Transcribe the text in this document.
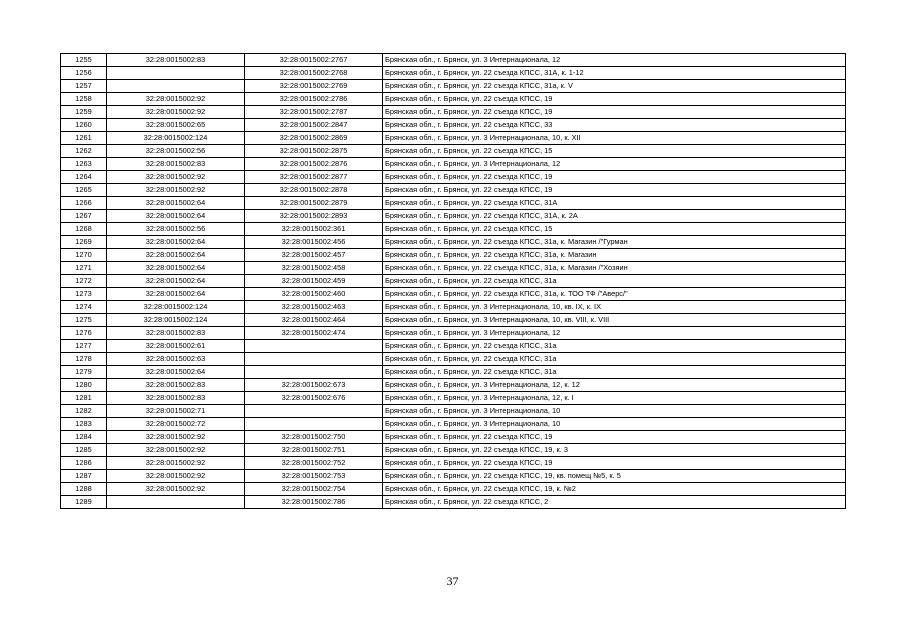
1255	32:28:0015002:83	32:28:0015002:2767	Брянская обл., г. Брянск, ул. 3 Интернационала, 12
1256		32:28:0015002:2768	Брянская обл., г. Брянск, ул. 22 съезда КПСС, 31А, к. 1-12
1257		32:28:0015002:2769	Брянская обл., г. Брянск, ул. 22 съезда КПСС, 31а, к. V
1258	32:28:0015002:92	32:28:0015002:2786	Брянская обл., г. Брянск, ул. 22 съезда КПСС, 19
1259	32:28:0015002:92	32:28:0015002:2787	Брянская обл., г. Брянск, ул. 22 съезда КПСС, 19
1260	32:28:0015002:65	32:28:0015002:2847	Брянская обл., г. Брянск, ул. 22 съезда КПСС, 33
1261	32:28:0015002:124	32:28:0015002:2869	Брянская обл., г. Брянск, ул. 3 Интернационала, 10, к. XII
1262	32:28:0015002:56	32:28:0015002:2875	Брянская обл., г. Брянск, ул. 22 съезда КПСС, 15
1263	32:28:0015002:83	32:28:0015002:2876	Брянская обл., г. Брянск, ул. 3 Интернационала, 12
1264	32:28:0015002:92	32:28:0015002:2877	Брянская обл., г. Брянск, ул. 22 съезда КПСС, 19
1265	32:28:0015002:92	32:28:0015002:2878	Брянская обл., г. Брянск, ул. 22 съезда КПСС, 19
1266	32:28:0015002:64	32:28:0015002:2879	Брянская обл., г. Брянск, ул. 22 съезда КПСС, 31А
1267	32:28:0015002:64	32:28:0015002:2893	Брянская обл., г. Брянск, ул. 22 съезда КПСС, 31А, к. 2А
1268	32:28:0015002:56	32:28:0015002:361	Брянская обл., г. Брянск, ул. 22 съезда КПСС, 15
1269	32:28:0015002:64	32:28:0015002:456	Брянская обл., г. Брянск, ул. 22 съезда КПСС, 31а, к. Магазин /"Гурман
1270	32:28:0015002:64	32:28:0015002:457	Брянская обл., г. Брянск, ул. 22 съезда КПСС, 31а, к. Магазин
1271	32:28:0015002:64	32:28:0015002:458	Брянская обл., г. Брянск, ул. 22 съезда КПСС, 31а, к. Магазин /"Хозяин
1272	32:28:0015002:64	32:28:0015002:459	Брянская обл., г. Брянск, ул. 22 съезда КПСС, 31а
1273	32:28:0015002:64	32:28:0015002:460	Брянская обл., г. Брянск, ул. 22 съезда КПСС, 31а, к. ТОО ТФ /"Аверс/"
1274	32:28:0015002:124	32:28:0015002:463	Брянская обл., г. Брянск, ул. 3 Интернационала, 10, кв. IX, к. IX
1275	32:28:0015002:124	32:28:0015002:464	Брянская обл., г. Брянск, ул. 3 Интернационала, 10, кв. VIII, к. VIII
1276	32:28:0015002:83	32:28:0015002:474	Брянская обл., г. Брянск, ул. 3 Интернационала, 12
1277	32:28:0015002:61		Брянская обл., г. Брянск, ул. 22 съезда КПСС, 31а
1278	32:28:0015002:63		Брянская обл., г. Брянск, ул. 22 съезда КПСС, 31а
1279	32:28:0015002:64		Брянская обл., г. Брянск, ул. 22 съезда КПСС, 31а
1280	32:28:0015002:83	32:28:0015002:673	Брянская обл., г. Брянск, ул. 3 Интернационала, 12, к. 12
1281	32:28:0015002:83	32:28:0015002:676	Брянская обл., г. Брянск, ул. 3 Интернационала, 12, к. I
1282	32:28:0015002:71		Брянская обл., г. Брянск, ул. 3 Интернационала, 10
1283	32:28:0015002:72		Брянская обл., г. Брянск, ул. 3 Интернационала, 10
1284	32:28:0015002:92	32:28:0015002:750	Брянская обл., г. Брянск, ул. 22 съезда КПСС, 19
1285	32:28:0015002:92	32:28:0015002:751	Брянская обл., г. Брянск, ул. 22 съезда КПСС, 19, к. 3
1286	32:28:0015002:92	32:28:0015002:752	Брянская обл., г. Брянск, ул. 22 съезда КПСС, 19
1287	32:28:0015002:92	32:28:0015002:753	Брянская обл., г. Брянск, ул. 22 съезда КПСС, 19, кв. помещ №5, к. 5
1288	32:28:0015002:92	32:28:0015002:754	Брянская обл., г. Брянск, ул. 22 съезда КПСС, 19, к. №2
1289		32:28:0015002:786	Брянская обл., г. Брянск, ул. 22 съезда КПСС, 2
37
